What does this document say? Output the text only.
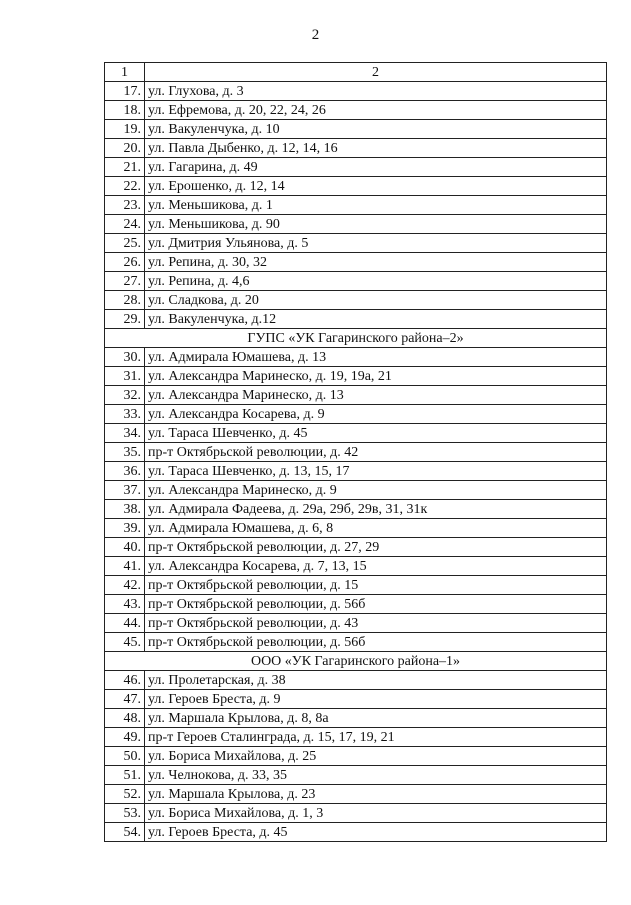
2
1	2
17.	ул. Глухова, д. 3
18.	ул. Ефремова, д. 20, 22, 24, 26
19.	ул. Вакуленчука, д. 10
20.	ул. Павла Дыбенко, д. 12, 14, 16
21.	ул. Гагарина, д. 49
22.	ул. Ерошенко, д. 12, 14
23.	ул. Меньшикова, д. 1
24.	ул. Меньшикова, д. 90
25.	ул. Дмитрия Ульянова, д. 5
26.	ул. Репина, д. 30, 32
27.	ул. Репина, д. 4,6
28.	ул. Сладкова, д. 20
29.	ул. Вакуленчука, д.12
ГУПС «УК Гагаринского района–2»	
30.	ул. Адмирала Юмашева, д. 13
31.	ул. Александра Маринеско, д. 19, 19а, 21
32.	ул. Александра Маринеско, д. 13
33.	ул. Александра Косарева, д. 9
34.	ул. Тараса Шевченко, д. 45
35.	пр-т Октябрьской революции, д. 42
36.	ул. Тараса Шевченко, д. 13, 15, 17
37.	ул. Александра Маринеско, д. 9
38.	ул. Адмирала Фадеева, д. 29а, 29б, 29в, 31, 31к
39.	ул. Адмирала Юмашева, д. 6, 8
40.	пр-т Октябрьской революции, д. 27, 29
41.	ул. Александра Косарева, д. 7, 13, 15
42.	пр-т Октябрьской революции, д. 15
43.	пр-т Октябрьской революции, д. 56б
44.	пр-т Октябрьской революции, д. 43
45.	пр-т Октябрьской революции, д. 56б
ООО «УК Гагаринского района–1»	
46.	ул. Пролетарская, д. 38
47.	ул. Героев Бреста, д. 9
48.	ул. Маршала Крылова, д. 8, 8а
49.	пр-т Героев Сталинграда, д. 15, 17, 19, 21
50.	ул. Бориса Михайлова, д. 25
51.	ул. Челнокова, д. 33, 35
52.	ул. Маршала Крылова, д. 23
53.	ул. Бориса Михайлова, д. 1, 3
54.	ул. Героев Бреста, д. 45
